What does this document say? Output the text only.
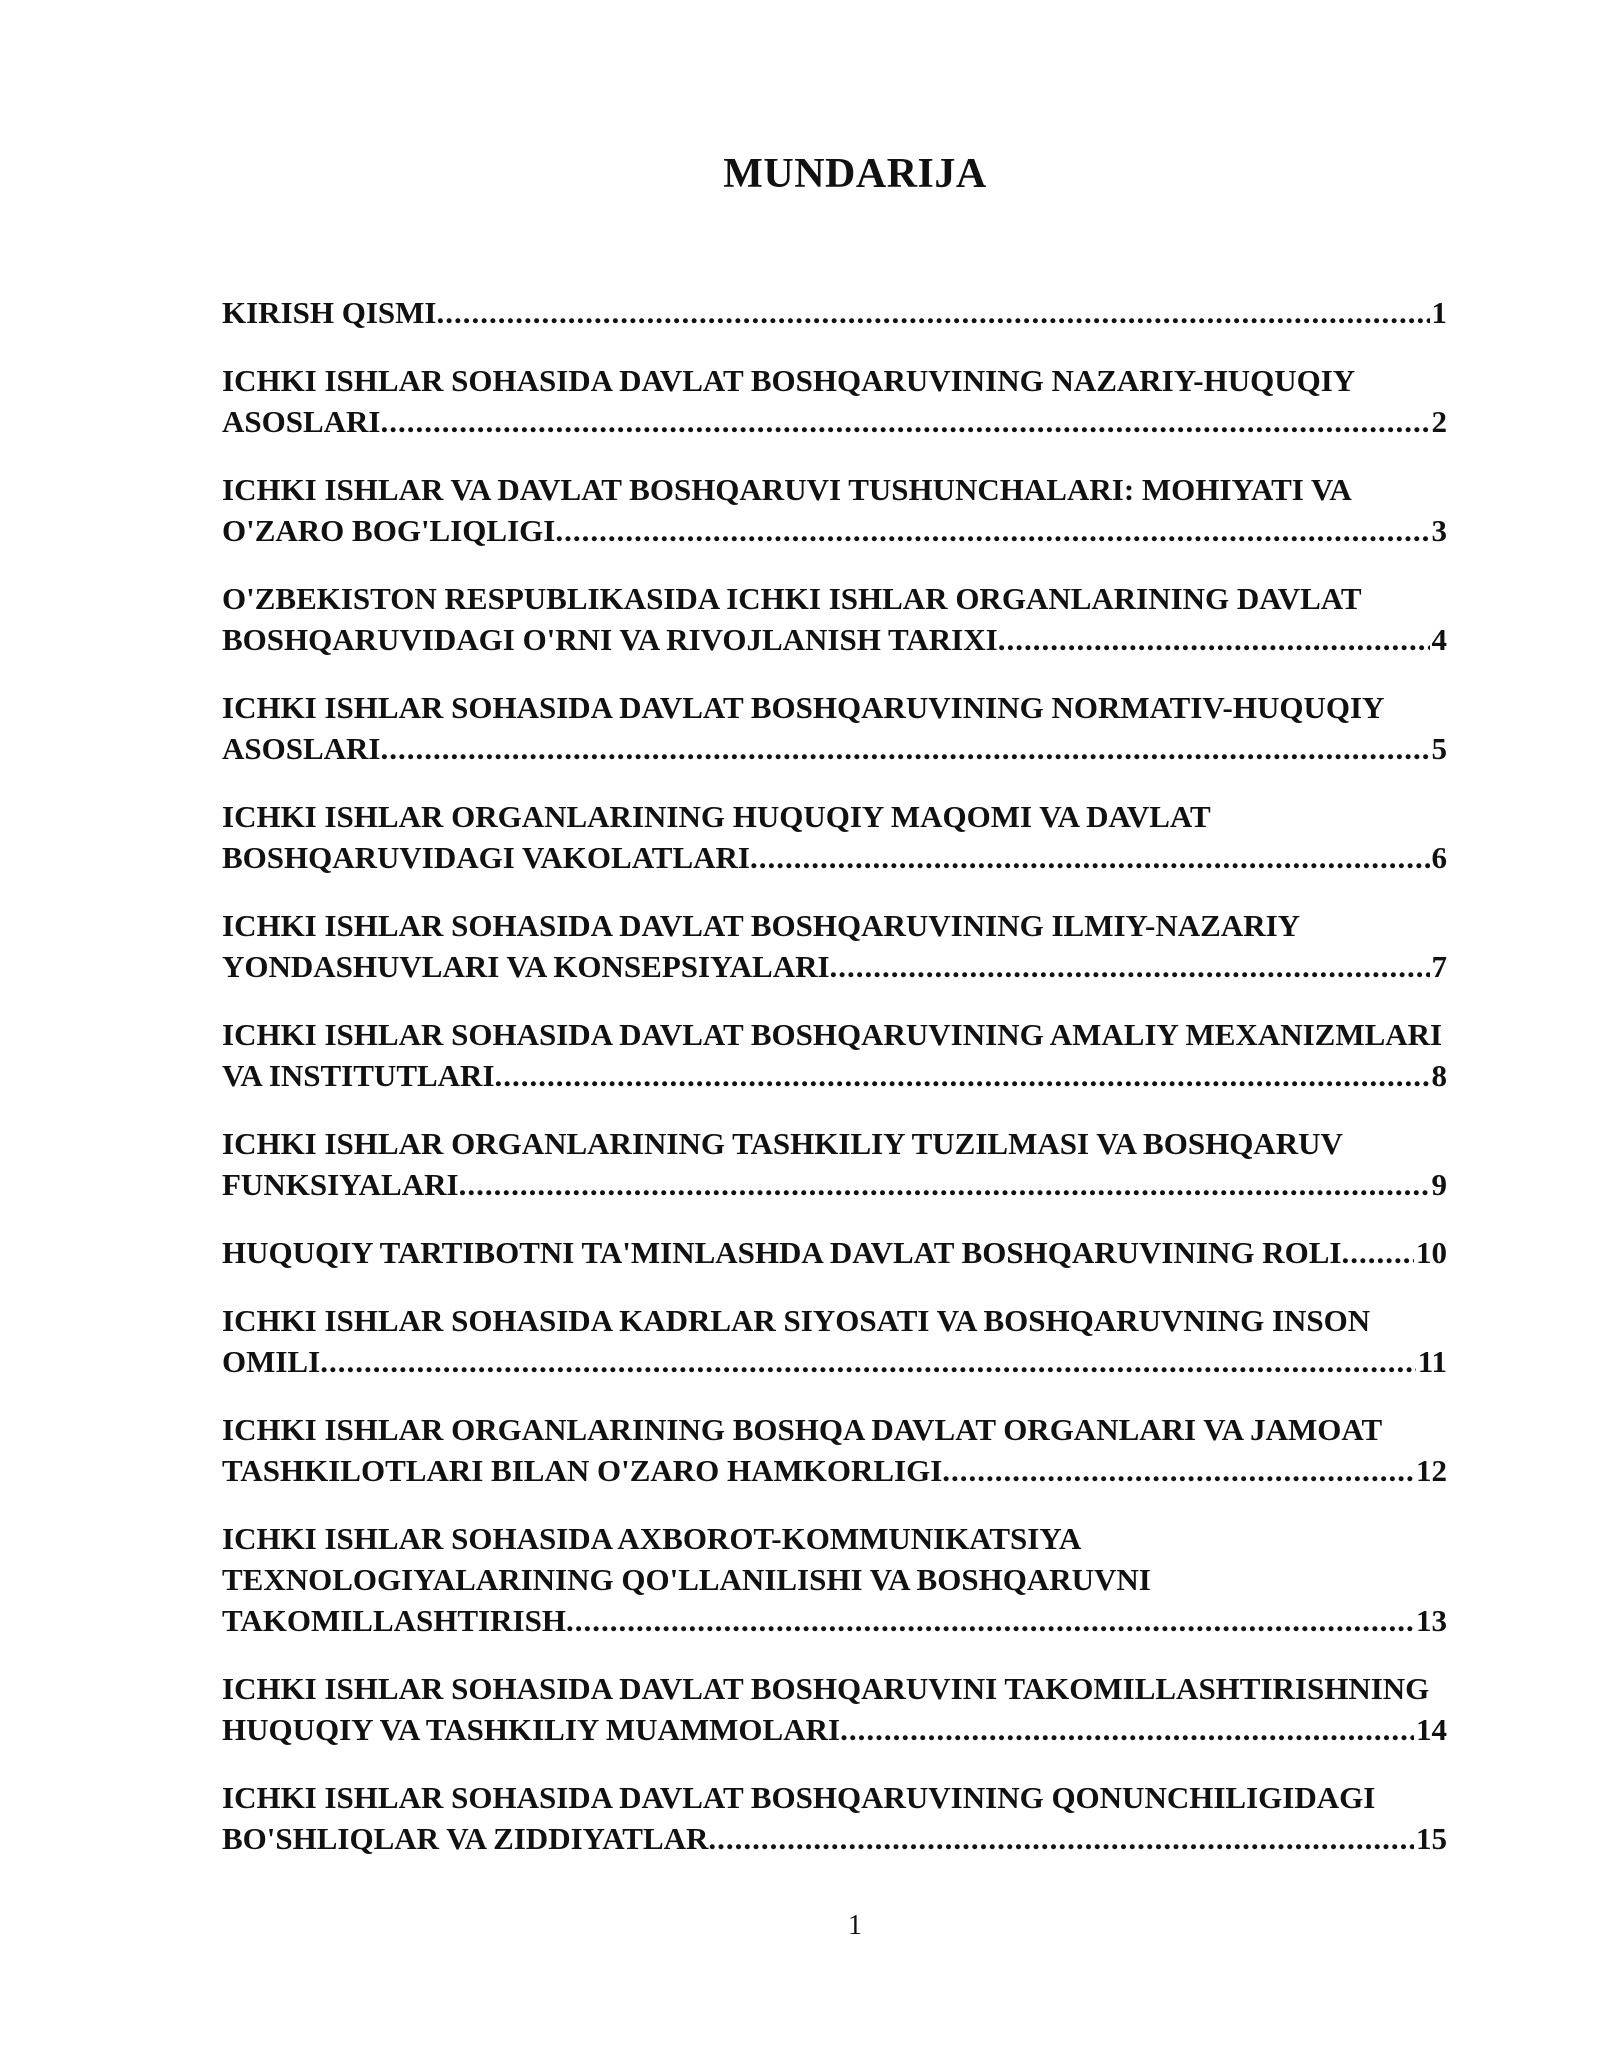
MUNDARIJA
KIRISH QISMI .....	1
ICHKI ISHLAR SOHASIDA DAVLAT BOSHQARUVINING NAZARIY-HUQUQIY
ASOSLARI .....	2
ICHKI ISHLAR VA DAVLAT BOSHQARUVI TUSHUNCHALARI: MOHIYATI VA
O'ZARO BOG'LIQLIGI .....	3
O'ZBEKISTON RESPUBLIKASIDA ICHKI ISHLAR ORGANLARINING DAVLAT
BOSHQARUVIDAGI O'RNI VA RIVOJLANISH TARIXI .....	4
ICHKI ISHLAR SOHASIDA DAVLAT BOSHQARUVINING NORMATIV-HUQUQIY
ASOSLARI .....	5
ICHKI ISHLAR ORGANLARINING HUQUQIY MAQOMI VA DAVLAT
BOSHQARUVIDAGI VAKOLATLARI .....	6
ICHKI ISHLAR SOHASIDA DAVLAT BOSHQARUVINING ILMIY-NAZARIY
YONDASHUVLARI VA KONSEPSIYALARI .....	7
ICHKI ISHLAR SOHASIDA DAVLAT BOSHQARUVINING AMALIY MEXANIZMLARI
VA INSTITUTLARI .....	8
ICHKI ISHLAR ORGANLARINING TASHKILIY TUZILMASI VA BOSHQARUV
FUNKSIYALARI .....	9
HUQUQIY TARTIBOTNI TA'MINLASHDA DAVLAT BOSHQARUVINING ROLI ..... 10
ICHKI ISHLAR SOHASIDA KADRLAR SIYOSATI VA BOSHQARUVNING INSON
OMILI .....	11
ICHKI ISHLAR ORGANLARINING BOSHQA DAVLAT ORGANLARI VA JAMOAT
TASHKILOTLARI BILAN O'ZARO HAMKORLIGI .....	12
ICHKI ISHLAR SOHASIDA AXBOROT-KOMMUNIKATSIYA
TEXNOLOGIYALARINING QO'LLANILISHI VA BOSHQARUVNI
TAKOMILLASHTIRISH .....	13
ICHKI ISHLAR SOHASIDA DAVLAT BOSHQARUVINI TAKOMILLASHTIRISHNING
HUQUQIY VA TASHKILIY MUAMMOLARI .....	14
ICHKI ISHLAR SOHASIDA DAVLAT BOSHQARUVINING QONUNCHILIGIDAGI
BO'SHLIQLAR VA ZIDDIYATLAR .....	15
1
